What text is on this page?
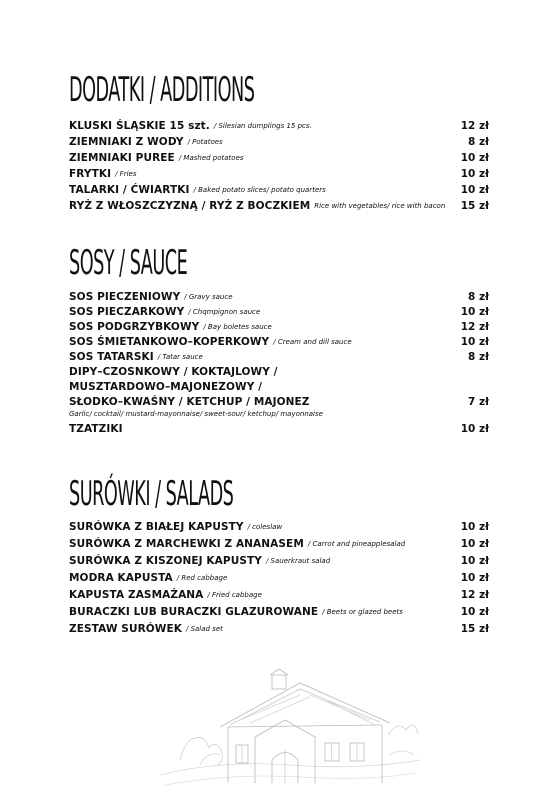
DODATKI / ADDITIONS
KLUSKI ŚLĄSKIE 15 szt. / Silesian dumplings 15 pcs.	12 zł
ZIEMNIAKI Z WODY / Potatoes	8 zł
ZIEMNIAKI PUREE / Mashed potatoes	10 zł
FRYTKI / Fries	10 zł
TALARKI / ĆWIARTKI / Baked potato slices/ potato quarters	10 zł
RYŻ Z WŁOSZCZYZNĄ / RYŻ Z BOCZKIEM Rice with vegetables/ rice with bacon 15 zł
SOSY / SAUCE
SOS PIECZENIOWY / Gravy sauce	8 zł
SOS PIECZARKOWY / Chqmpignon sauce	10 zł
SOS PODGRZYBKOWY / Bay boletes sauce	12 zł
SOS ŚMIETANKOWO–KOPERKOWY / Cream and dill sauce	10 zł
SOS TATARSKI / Tatar sauce	8 zł
DIPY–CZOSNKOWY / KOKTAJLOWY /
MUSZTARDOWO–MAJONEZOWY /
SŁODKO–KWAŚNY / KETCHUP / MAJONEZ	7 zł
Garlic/ cocktail/ mustard-mayonnaise/ sweet-sour/ ketchup/ mayonnaise
TZATZIKI	10 zł
SURÓWKI / SALADS
SURÓWKA Z BIAŁEJ KAPUSTY / coleslaw	10 zł
SURÓWKA Z MARCHEWKI Z ANANASEM / Carrot and pineapplesalad	10 zł
SURÓWKA Z KISZONEJ KAPUSTY / Sauerkraut salad	10 zł
MODRA KAPUSTA / Red cabbage	10 zł
KAPUSTA ZASMAŻANA / Fried cabbage	12 zł
BURACZKI LUB BURACZKI GLAZUROWANE / Beets or glazed beets	10 zł
ZESTAW SURÓWEK / Salad set	15 zł
